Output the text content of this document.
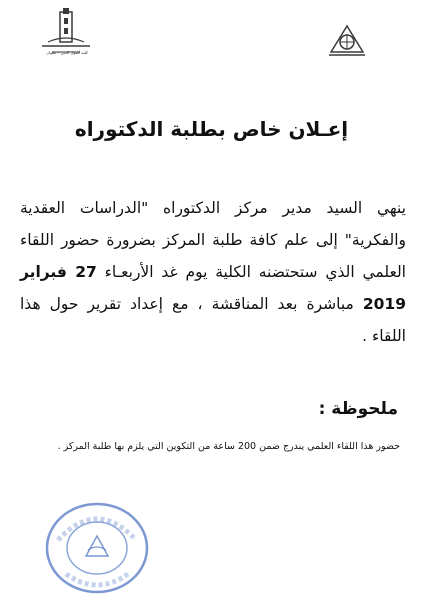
كلية أصول الدين - تطوان
إعـلان خاص بطلبة الدكتوراه
ينهي السيد مدير مركز الدكتوراه "الدراسات العقدية والفكرية" إلى علم كافة طلبة المركز بضرورة حضور اللقاء العلمي الذي ستحتضنه الكلية يوم غد الأربعـاء 27 فبراير 2019 مباشرة بعد المناقشة ، مع إعداد تقرير حول هذا اللقاء .
ملحوظة :
حضور هذا اللقاء العلمي يندرج ضمن 200 ساعة من التكوين التي يلزم بها طلبة المركز .
